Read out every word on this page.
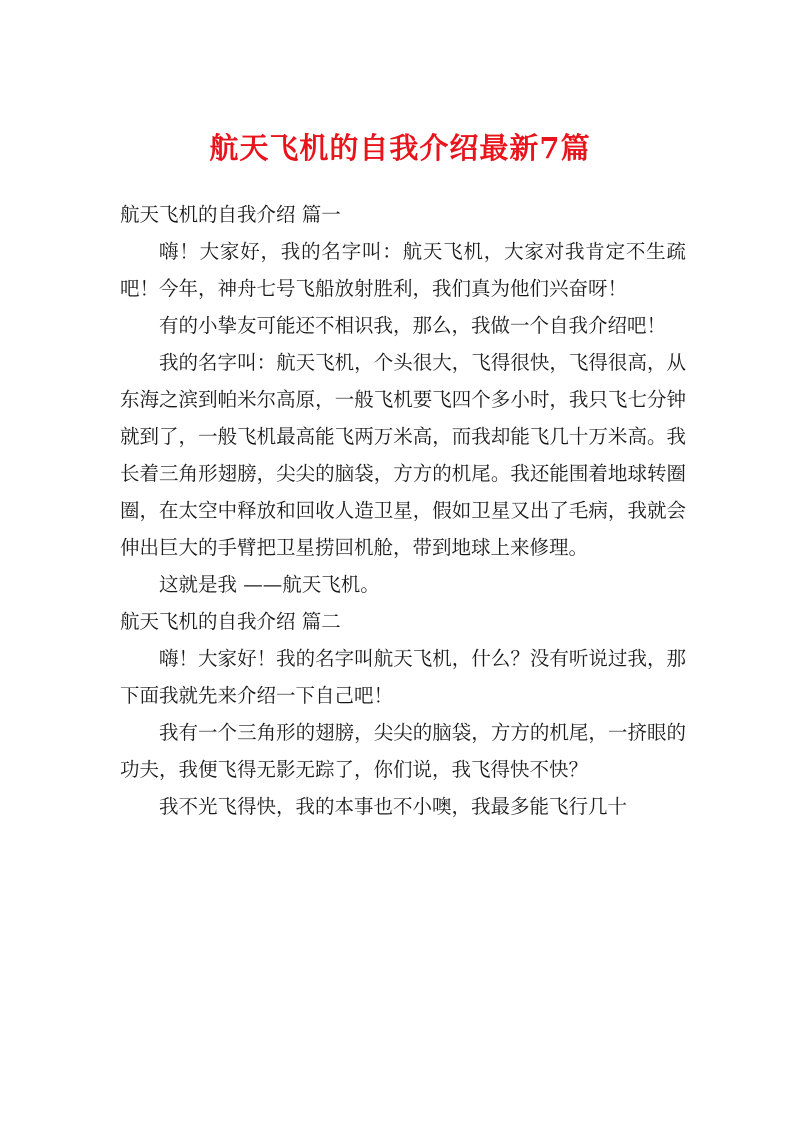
航天飞机的自我介绍最新7篇

航天飞机的自我介绍 篇一

嗨！大家好，我的名字叫：航天飞机，大家对我肯定不生疏吧！今年，神舟七号飞船放射胜利，我们真为他们兴奋呀！

有的小挚友可能还不相识我，那么，我做一个自我介绍吧！

我的名字叫：航天飞机，个头很大，飞得很快，飞得很高，从东海之滨到帕米尔高原，一般飞机要飞四个多小时，我只飞七分钟就到了，一般飞机最高能飞两万米高，而我却能飞几十万米高。我长着三角形翅膀，尖尖的脑袋，方方的机尾。我还能围着地球转圈圈，在太空中释放和回收人造卫星，假如卫星又出了毛病，我就会伸出巨大的手臂把卫星捞回机舱，带到地球上来修理。

这就是我 ——航天飞机。

航天飞机的自我介绍 篇二

嗨！大家好！我的名字叫航天飞机，什么？没有听说过我，那下面我就先来介绍一下自己吧！

我有一个三角形的翅膀，尖尖的脑袋，方方的机尾，一挤眼的功夫，我便飞得无影无踪了，你们说，我飞得快不快？

我不光飞得快，我的本事也不小噢，我最多能飞行几十
